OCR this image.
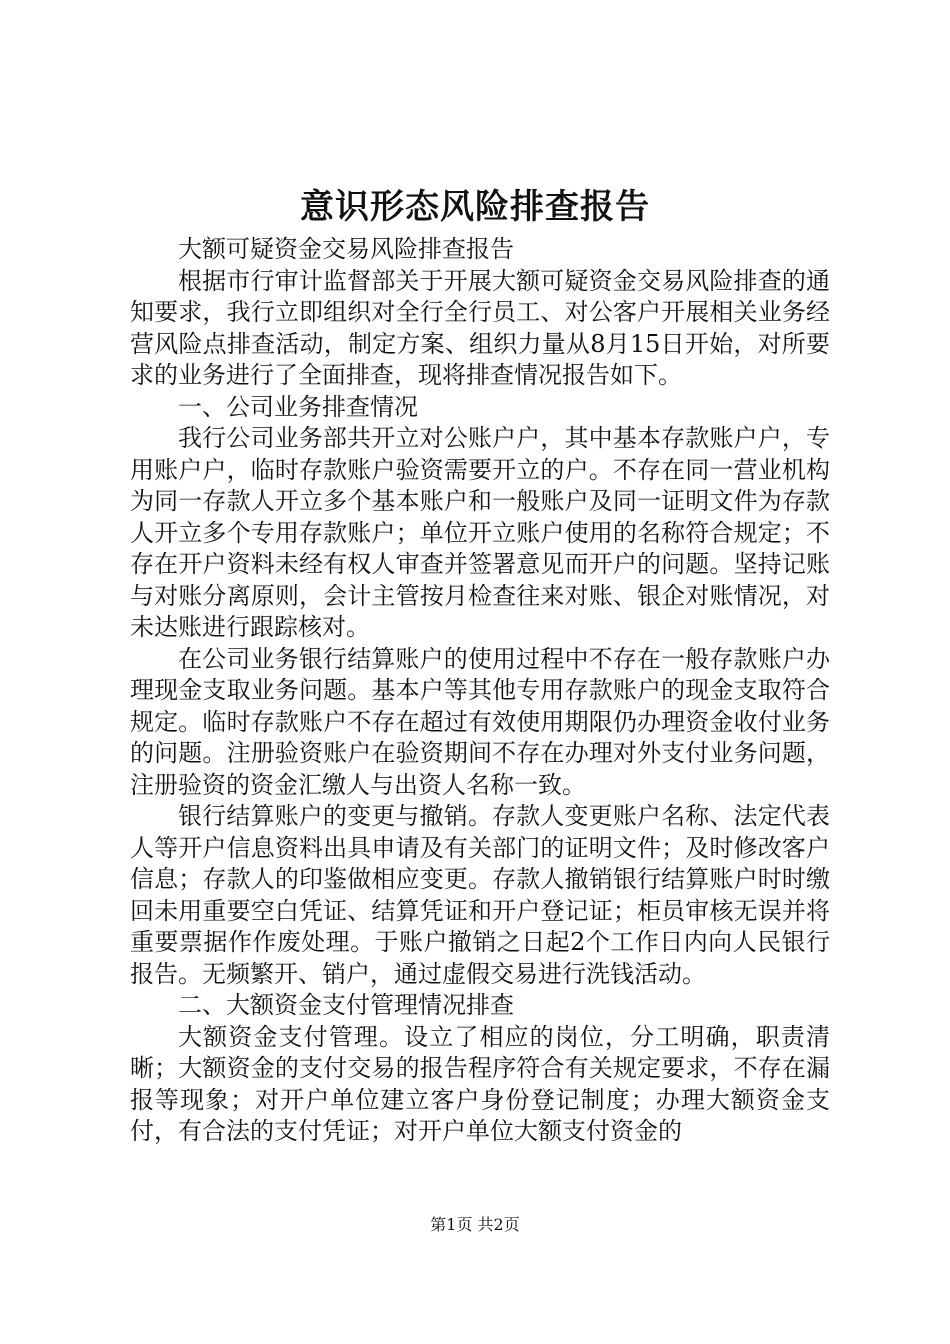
意识形态风险排查报告

大额可疑资金交易风险排查报告

根据市行审计监督部关于开展大额可疑资金交易风险排查的通知要求，我行立即组织对全行全行员工、对公客户开展相关业务经营风险点排查活动，制定方案、组织力量从8月15日开始，对所要求的业务进行了全面排查，现将排查情况报告如下。

一、公司业务排查情况

我行公司业务部共开立对公账户户，其中基本存款账户户，专用账户户，临时存款账户验资需要开立的户。不存在同一营业机构为同一存款人开立多个基本账户和一般账户及同一证明文件为存款人开立多个专用存款账户；单位开立账户使用的名称符合规定；不存在开户资料未经有权人审查并签署意见而开户的问题。坚持记账与对账分离原则，会计主管按月检查往来对账、银企对账情况，对未达账进行跟踪核对。

在公司业务银行结算账户的使用过程中不存在一般存款账户办理现金支取业务问题。基本户等其他专用存款账户的现金支取符合规定。临时存款账户不存在超过有效使用期限仍办理资金收付业务的问题。注册验资账户在验资期间不存在办理对外支付业务问题，注册验资的资金汇缴人与出资人名称一致。

银行结算账户的变更与撤销。存款人变更账户名称、法定代表人等开户信息资料出具申请及有关部门的证明文件；及时修改客户信息；存款人的印鉴做相应变更。存款人撤销银行结算账户时时缴回未用重要空白凭证、结算凭证和开户登记证；柜员审核无误并将重要票据作作废处理。于账户撤销之日起2个工作日内向人民银行报告。无频繁开、销户，通过虚假交易进行洗钱活动。

二、大额资金支付管理情况排查

大额资金支付管理。设立了相应的岗位，分工明确，职责清晰；大额资金的支付交易的报告程序符合有关规定要求，不存在漏报等现象；对开户单位建立客户身份登记制度；办理大额资金支付，有合法的支付凭证；对开户单位大额支付资金的

第1页 共2页
